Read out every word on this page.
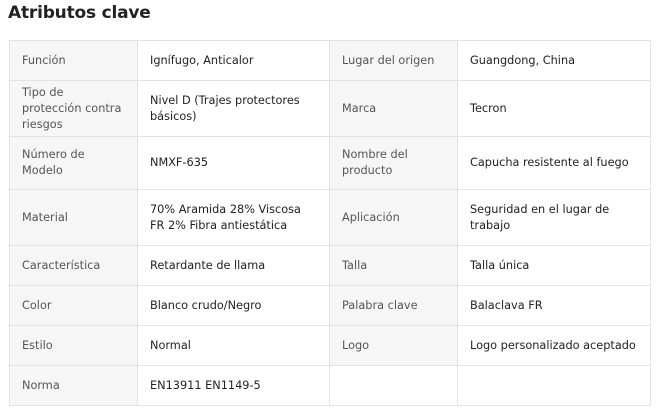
Atributos clave
Función	Ignífugo, Anticalor	Lugar del origen	Guangdong, China
Tipo de protección contra riesgos	Nivel D (Trajes protectores básicos)	Marca	Tecron
Número de Modelo	NMXF-635	Nombre del producto	Capucha resistente al fuego
Material	70% Aramida 28% Viscosa FR 2% Fibra antiestática	Aplicación	Seguridad en el lugar de trabajo
Característica	Retardante de llama	Talla	Talla única
Color	Blanco crudo/Negro	Palabra clave	Balaclava FR
Estilo	Normal	Logo	Logo personalizado aceptado
Norma	EN13911 EN1149-5		
